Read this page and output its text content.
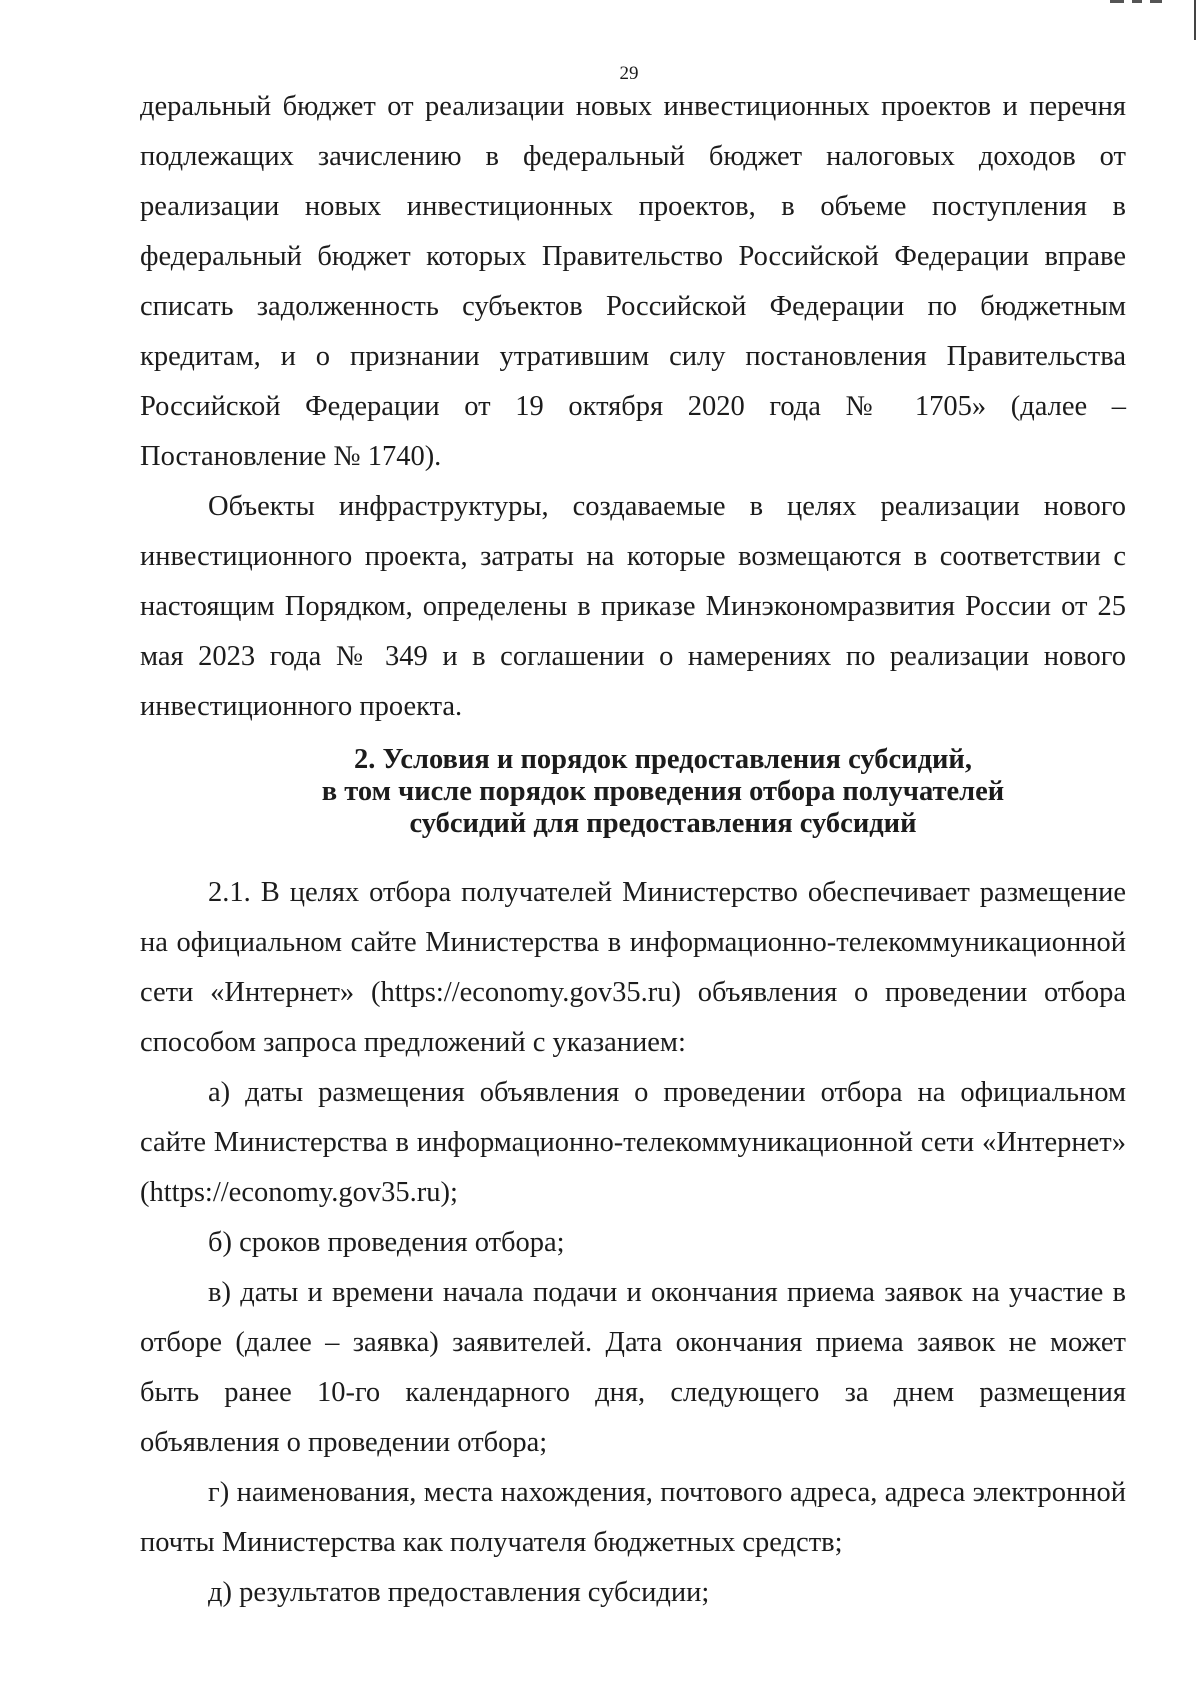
29

деральный бюджет от реализации новых инвестиционных проектов и перечня подлежащих зачислению в федеральный бюджет налоговых доходов от реализации новых инвестиционных проектов, в объеме поступления в федеральный бюджет которых Правительство Российской Федерации вправе списать задолженность субъектов Российской Федерации по бюджетным кредитам, и о признании утратившим силу постановления Правительства Российской Федерации от 19 октября 2020 года № 1705» (далее – Постановление № 1740).

Объекты инфраструктуры, создаваемые в целях реализации нового инвестиционного проекта, затраты на которые возмещаются в соответствии с настоящим Порядком, определены в приказе Минэкономразвития России от 25 мая 2023 года № 349 и в соглашении о намерениях по реализации нового инвестиционного проекта.

2. Условия и порядок предоставления субсидий,
в том числе порядок проведения отбора получателей
субсидий для предоставления субсидий

2.1. В целях отбора получателей Министерство обеспечивает размещение на официальном сайте Министерства в информационно-телекоммуникационной сети «Интернет» (https://economy.gov35.ru) объявления о проведении отбора способом запроса предложений с указанием:

а) даты размещения объявления о проведении отбора на официальном сайте Министерства в информационно-телекоммуникационной сети «Интернет» (https://economy.gov35.ru);

б) сроков проведения отбора;

в) даты и времени начала подачи и окончания приема заявок на участие в отборе (далее – заявка) заявителей. Дата окончания приема заявок не может быть ранее 10-го календарного дня, следующего за днем размещения объявления о проведении отбора;

г) наименования, места нахождения, почтового адреса, адреса электронной почты Министерства как получателя бюджетных средств;

д) результатов предоставления субсидии;
